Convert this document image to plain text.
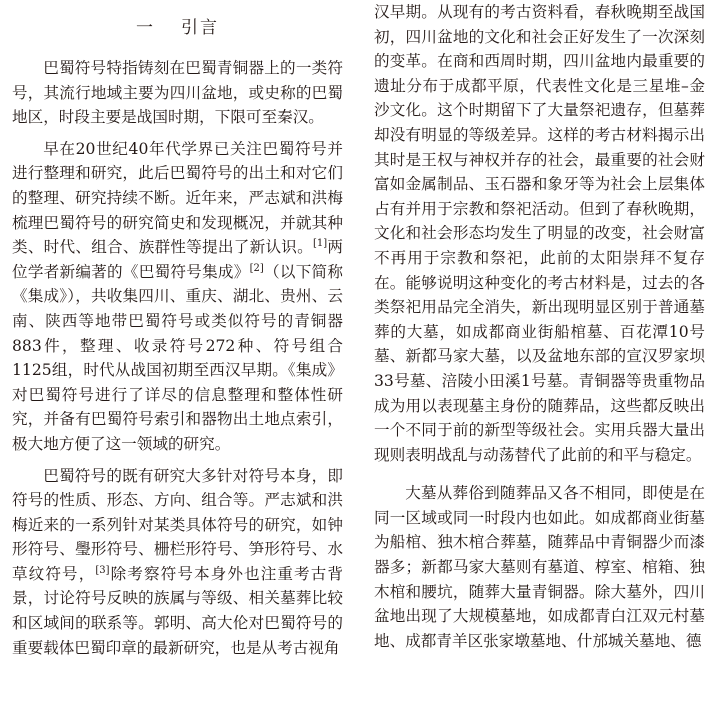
一 引言

巴蜀符号特指铸刻在巴蜀青铜器上的一类符号，其流行地域主要为四川盆地，或史称的巴蜀地区，时段主要是战国时期，下限可至秦汉。

早在20世纪40年代学界已关注巴蜀符号并进行整理和研究，此后巴蜀符号的出土和对它们的整理、研究持续不断。近年来，严志斌和洪梅梳理巴蜀符号的研究简史和发现概况，并就其种类、时代、组合、族群性等提出了新认识。[1]两位学者新编著的《巴蜀符号集成》[2]（以下简称《集成》），共收集四川、重庆、湖北、贵州、云南、陕西等地带巴蜀符号或类似符号的青铜器883件，整理、收录符号272种、符号组合1125组，时代从战国初期至西汉早期。《集成》对巴蜀符号进行了详尽的信息整理和整体性研究，并备有巴蜀符号索引和器物出土地点索引，极大地方便了这一领域的研究。

巴蜀符号的既有研究大多针对符号本身，即符号的性质、形态、方向、组合等。严志斌和洪梅近来的一系列针对某类具体符号的研究，如钟形符号、璺形符号、栅栏形符号、笋形符号、水草纹符号，[3]除考察符号本身外也注重考古背景，讨论符号反映的族属与等级、相关墓葬比较和区域间的联系等。郭明、高大伦对巴蜀符号的重要载体巴蜀印章的最新研究，也是从考古视角

汉早期。从现有的考古资料看，春秋晚期至战国初，四川盆地的文化和社会正好发生了一次深刻的变革。在商和西周时期，四川盆地内最重要的遗址分布于成都平原，代表性文化是三星堆–金沙文化。这个时期留下了大量祭祀遗存，但墓葬却没有明显的等级差异。这样的考古材料揭示出其时是王权与神权并存的社会，最重要的社会财富如金属制品、玉石器和象牙等为社会上层集体占有并用于宗教和祭祀活动。但到了春秋晚期，文化和社会形态均发生了明显的改变，社会财富不再用于宗教和祭祀，此前的太阳崇拜不复存在。能够说明这种变化的考古材料是，过去的各类祭祀用品完全消失，新出现明显区别于普通墓葬的大墓，如成都商业街船棺墓、百花潭10号墓、新都马家大墓，以及盆地东部的宣汉罗家坝33号墓、涪陵小田溪1号墓。青铜器等贵重物品成为用以表现墓主身份的随葬品，这些都反映出一个不同于前的新型等级社会。实用兵器大量出现则表明战乱与动荡替代了此前的和平与稳定。

大墓从葬俗到随葬品又各不相同，即使是在同一区域或同一时段内也如此。如成都商业街墓为船棺、独木棺合葬墓，随葬品中青铜器少而漆器多；新都马家大墓则有墓道、椁室、棺箱、独木棺和腰坑，随葬大量青铜器。除大墓外，四川盆地出现了大规模墓地，如成都青白江双元村墓地、成都青羊区张家墩墓地、什邡城关墓地、德
